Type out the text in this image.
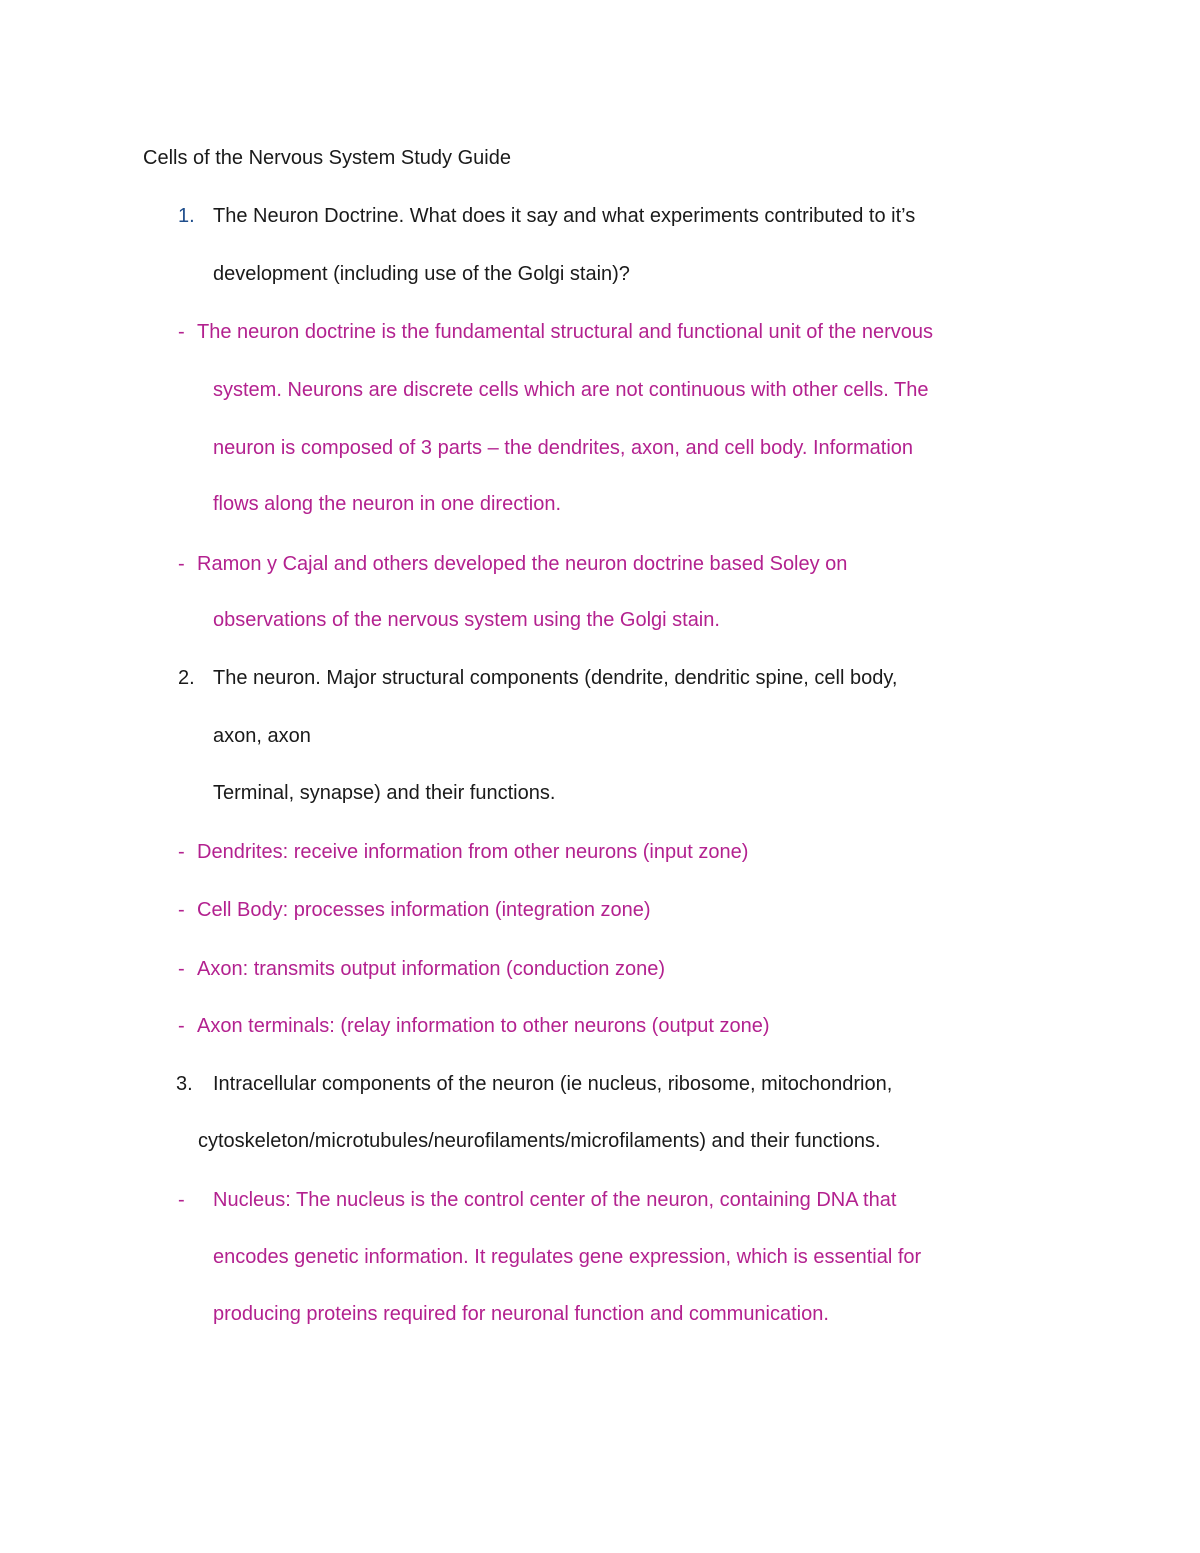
Cells of the Nervous System Study Guide

1. The Neuron Doctrine. What does it say and what experiments contributed to it’s

development (including use of the Golgi stain)?

- The neuron doctrine is the fundamental structural and functional unit of the nervous

system. Neurons are discrete cells which are not continuous with other cells. The

neuron is composed of 3 parts – the dendrites, axon, and cell body. Information

flows along the neuron in one direction.

- Ramon y Cajal and others developed the neuron doctrine based Soley on

observations of the nervous system using the Golgi stain.

2. The neuron. Major structural components (dendrite, dendritic spine, cell body,

axon, axon

Terminal, synapse) and their functions.

- Dendrites: receive information from other neurons (input zone)

- Cell Body: processes information (integration zone)

- Axon: transmits output information (conduction zone)

- Axon terminals: (relay information to other neurons (output zone)

3. Intracellular components of the neuron (ie nucleus, ribosome, mitochondrion,

cytoskeleton/microtubules/neurofilaments/microfilaments) and their functions.

- Nucleus: The nucleus is the control center of the neuron, containing DNA that

encodes genetic information. It regulates gene expression, which is essential for

producing proteins required for neuronal function and communication.
